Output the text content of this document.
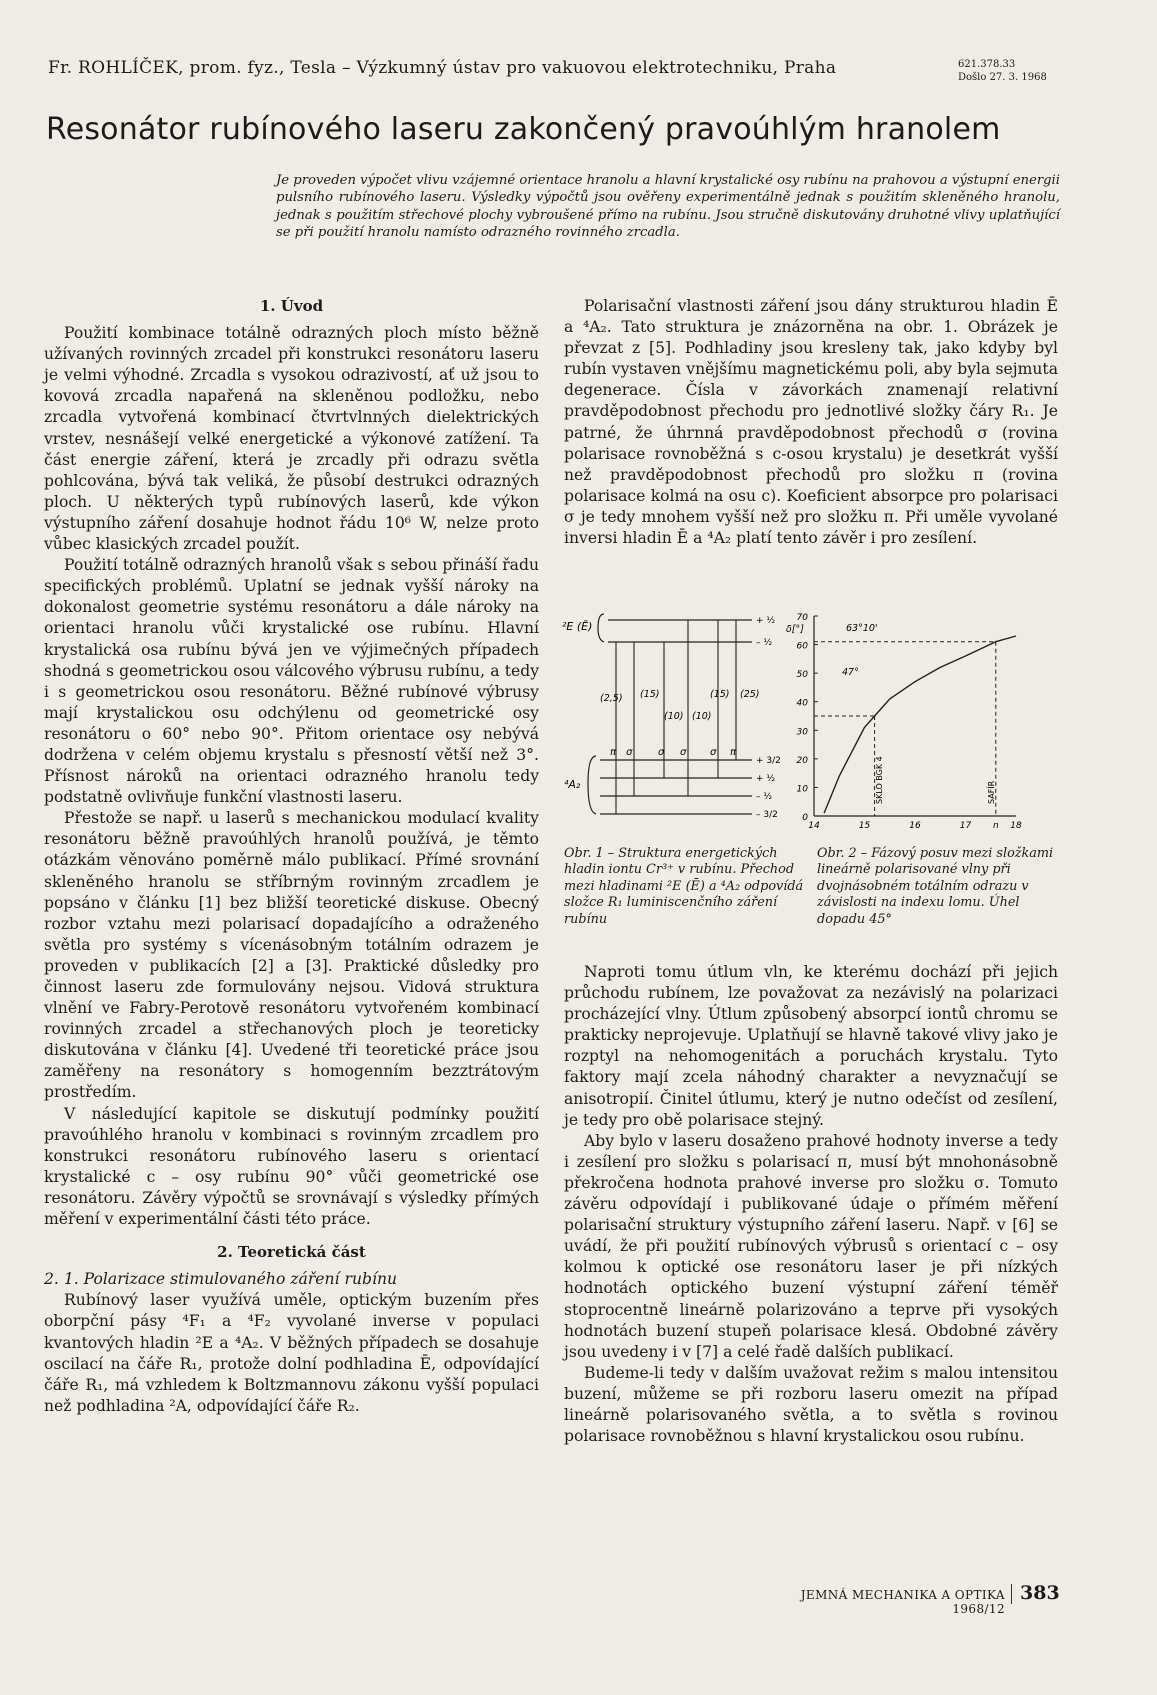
Fr. ROHLÍČEK, prom. fyz., Tesla – Výzkumný ústav pro vakuovou elektrotechniku, Praha	621.378.33
Došlo 27. 3. 1968
Resonátor rubínového laseru zakončený pravoúhlým hranolem
Je proveden výpočet vlivu vzájemné orientace hranolu a hlavní krystalické osy rubínu na prahovou a výstupní energii pulsního rubínového laseru. Výsledky výpočtů jsou ověřeny experimentálně jednak s použitím skleněného hranolu, jednak s použitím střechové plochy vybroušené přímo na rubínu. Jsou stručně diskutovány druhotné vlivy uplatňující se při použití hranolu namísto odrazného rovinného zrcadla.
1. Úvod

Použití kombinace totálně odrazných ploch místo běžně užívaných rovinných zrcadel při konstrukci resonátoru laseru je velmi výhodné. Zrcadla s vysokou odrazivostí, ať už jsou to kovová zrcadla napařená na skleněnou podložku, nebo zrcadla vytvořená kombinací čtvrtvlnných dielektrických vrstev, nesnášejí velké energetické a výkonové zatížení. Ta část energie záření, která je zrcadly při odrazu světla pohlcována, bývá tak veliká, že působí destrukci odrazných ploch. U některých typů rubínových laserů, kde výkon výstupního záření dosahuje hodnot řádu 10⁶ W, nelze proto vůbec klasických zrcadel použít.

Použití totálně odrazných hranolů však s sebou přináší řadu specifických problémů. Uplatní se jednak vyšší nároky na dokonalost geometrie systému resonátoru a dále nároky na orientaci hranolu vůči krystalické ose rubínu. Hlavní krystalická osa rubínu bývá jen ve výjimečných případech shodná s geometrickou osou válcového výbrusu rubínu, a tedy i s geometrickou osou resonátoru. Běžné rubínové výbrusy mají krystalickou osu odchýlenu od geometrické osy resonátoru o 60° nebo 90°. Přitom orientace osy nebývá dodržena v celém objemu krystalu s přesností větší než 3°. Přísnost nároků na orientaci odrazného hranolu tedy podstatně ovlivňuje funkční vlastnosti laseru.

Přestože se např. u laserů s mechanickou modulací kvality resonátoru běžně pravoúhlých hranolů používá, je těmto otázkám věnováno poměrně málo publikací. Přímé srovnání skleněného hranolu se stříbrným rovinným zrcadlem je popsáno v článku [1] bez bližší teoretické diskuse. Obecný rozbor vztahu mezi polarisací dopadajícího a odraženého světla pro systémy s vícenásobným totálním odrazem je proveden v publikacích [2] a [3]. Praktické důsledky pro činnost laseru zde formulovány nejsou. Vidová struktura vlnění ve Fabry-Perotově resonátoru vytvořeném kombinací rovinných zrcadel a střechanových ploch je teoreticky diskutována v článku [4]. Uvedené tři teoretické práce jsou zaměřeny na resonátory s homogenním bezztrátovým prostředím.

V následující kapitole se diskutují podmínky použití pravoúhlého hranolu v kombinaci s rovinným zrcadlem pro konstrukci resonátoru rubínového laseru s orientací krystalické c – osy rubínu 90° vůči geometrické ose resonátoru. Závěry výpočtů se srovnávají s výsledky přímých měření v experimentální části této práce.

2. Teoretická část
2. 1. Polarizace stimulovaného záření rubínu

Rubínový laser využívá uměle, optickým buzením přes oborpční pásy ⁴F₁ a ⁴F₂ vyvolané inverse v populaci kvantových hladin ²E a ⁴A₂. V běžných případech se dosahuje oscilací na čáře R₁, protože dolní podhladina Ē, odpovídající čáře R₁, má vzhledem k Boltzmannovu zákonu vyšší populaci než podhladina ²A, odpovídající čáře R₂.

Polarisační vlastnosti záření jsou dány strukturou hladin Ē a ⁴A₂. Tato struktura je znázorněna na obr. 1. Obrázek je převzat z [5]. Podhladiny jsou kresleny tak, jako kdyby byl rubín vystaven vnějšímu magnetickému poli, aby byla sejmuta degenerace. Čísla v závorkách znamenají relativní pravděpodobnost přechodu pro jednotlivé složky čáry R₁. Je patrné, že úhrnná pravděpodobnost přechodů σ (rovina polarisace rovnoběžná s c-osou krystalu) je desetkrát vyšší než pravděpodobnost přechodů pro složku π (rovina polarisace kolmá na osu c). Koeficient absorpce pro polarisaci σ je tedy mnohem vyšší než pro složku π. Při uměle vyvolané inversi hladin Ē a ⁴A₂ platí tento závěr i pro zesílení.

²E (Ē)	+ ½
– ½
⁴A₂
+ 3/2
+ ½
– ½
– 3/2
(2,5) (15)
(10) (10)
(15) (25)
π σ	σ σ σ π
δ[°]
70
60
50
40
30
20
10
0
14	15	16	17 n 18
63°10'
47°
SKLO BGK 4	SAFÍR
Obr. 1 – Struktura energetických hladin iontu Cr³⁺ v rubínu. Přechod mezi hladinami ²E (Ē) a ⁴A₂ odpovídá složce R₁ luminiscenčního záření rubínu
Obr. 2 – Fázový posuv mezi složkami lineárně polarisované vlny při dvojnásobném totálním odrazu v závislosti na indexu lomu. Úhel dopadu 45°

Naproti tomu útlum vln, ke kterému dochází při jejich průchodu rubínem, lze považovat za nezávislý na polarizaci procházející vlny. Útlum způsobený absorpcí iontů chromu se prakticky neprojevuje. Uplatňují se hlavně takové vlivy jako je rozptyl na nehomogenitách a poruchách krystalu. Tyto faktory mají zcela náhodný charakter a nevyznačují se anisotropií. Činitel útlumu, který je nutno odečíst od zesílení, je tedy pro obě polarisace stejný.

Aby bylo v laseru dosaženo prahové hodnoty inverse a tedy i zesílení pro složku s polarisací π, musí být mnohonásobně překročena hodnota prahové inverse pro složku σ. Tomuto závěru odpovídají i publikované údaje o přímém měření polarisační struktury výstupního záření laseru. Např. v [6] se uvádí, že při použití rubínových výbrusů s orientací c – osy kolmou k optické ose resonátoru laser je při nízkých hodnotách optického buzení výstupní záření téměř stoprocentně lineárně polarizováno a teprve při vysokých hodnotách buzení stupeň polarisace klesá. Obdobné závěry jsou uvedeny i v [7] a celé řadě dalších publikací.

Budeme-li tedy v dalším uvažovat režim s malou intensitou buzení, můžeme se při rozboru laseru omezit na případ lineárně polarisovaného světla, a to světla s rovinou polarisace rovnoběžnou s hlavní krystalickou osou rubínu.

JEMNÁ MECHANIKA A OPTIKA 1968/12
383
